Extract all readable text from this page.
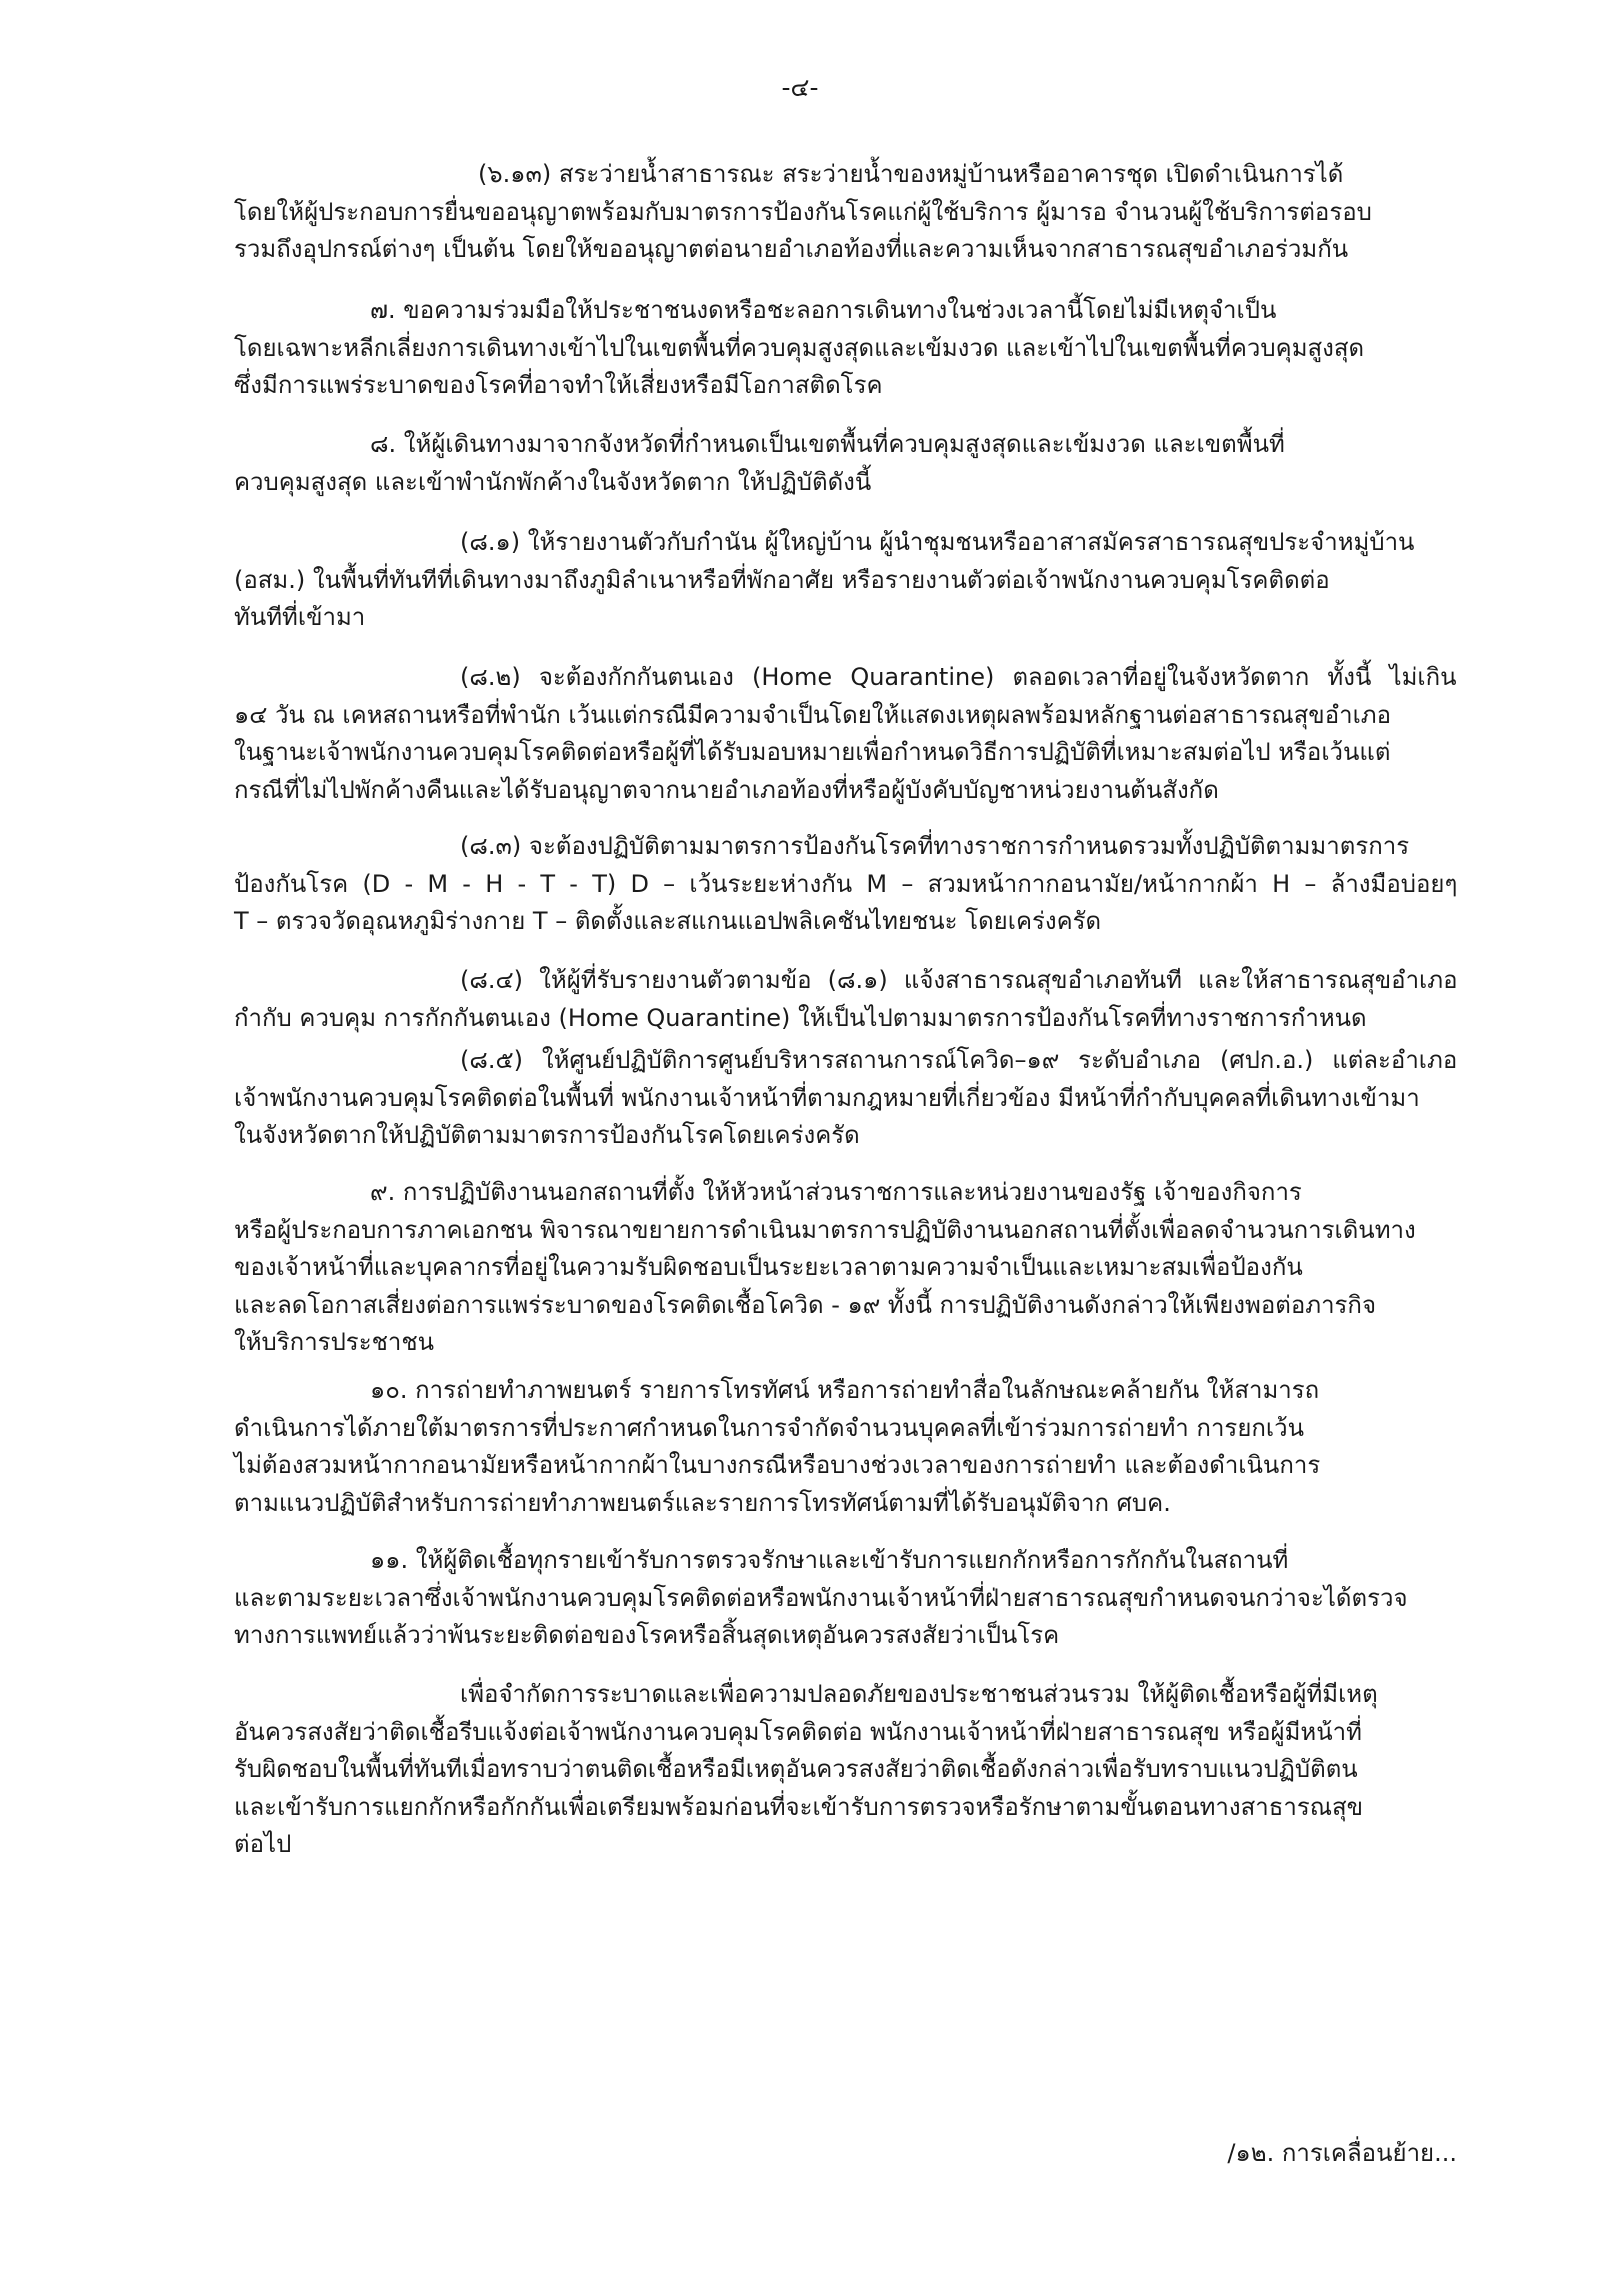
-๔-
(๖.๑๓) สระว่ายน้ำสาธารณะ สระว่ายน้ำของหมู่บ้านหรืออาคารชุด เปิดดำเนินการได้
โดยให้ผู้ประกอบการยื่นขออนุญาตพร้อมกับมาตรการป้องกันโรคแก่ผู้ใช้บริการ ผู้มารอ จำนวนผู้ใช้บริการต่อรอบ
รวมถึงอุปกรณ์ต่างๆ เป็นต้น โดยให้ขออนุญาตต่อนายอำเภอท้องที่และความเห็นจากสาธารณสุขอำเภอร่วมกัน
๗. ขอความร่วมมือให้ประชาชนงดหรือชะลอการเดินทางในช่วงเวลานี้โดยไม่มีเหตุจำเป็น
โดยเฉพาะหลีกเลี่ยงการเดินทางเข้าไปในเขตพื้นที่ควบคุมสูงสุดและเข้มงวด และเข้าไปในเขตพื้นที่ควบคุมสูงสุด
ซึ่งมีการแพร่ระบาดของโรคที่อาจทำให้เสี่ยงหรือมีโอกาสติดโรค
๘. ให้ผู้เดินทางมาจากจังหวัดที่กำหนดเป็นเขตพื้นที่ควบคุมสูงสุดและเข้มงวด และเขตพื้นที่
ควบคุมสูงสุด และเข้าพำนักพักค้างในจังหวัดตาก ให้ปฏิบัติดังนี้
(๘.๑) ให้รายงานตัวกับกำนัน ผู้ใหญ่บ้าน ผู้นำชุมชนหรืออาสาสมัครสาธารณสุขประจำหมู่บ้าน
(อสม.) ในพื้นที่ทันทีที่เดินทางมาถึงภูมิลำเนาหรือที่พักอาศัย หรือรายงานตัวต่อเจ้าพนักงานควบคุมโรคติดต่อ
ทันทีที่เข้ามา
(๘.๒) จะต้องกักกันตนเอง (Home Quarantine) ตลอดเวลาที่อยู่ในจังหวัดตาก ทั้งนี้ ไม่เกิน
๑๔ วัน ณ เคหสถานหรือที่พำนัก เว้นแต่กรณีมีความจำเป็นโดยให้แสดงเหตุผลพร้อมหลักฐานต่อสาธารณสุขอำเภอ
ในฐานะเจ้าพนักงานควบคุมโรคติดต่อหรือผู้ที่ได้รับมอบหมายเพื่อกำหนดวิธีการปฏิบัติที่เหมาะสมต่อไป หรือเว้นแต่
กรณีที่ไม่ไปพักค้างคืนและได้รับอนุญาตจากนายอำเภอท้องที่หรือผู้บังคับบัญชาหน่วยงานต้นสังกัด
(๘.๓) จะต้องปฏิบัติตามมาตรการป้องกันโรคที่ทางราชการกำหนดรวมทั้งปฏิบัติตามมาตรการ
ป้องกันโรค (D - M - H - T - T) D – เว้นระยะห่างกัน M – สวมหน้ากากอนามัย/หน้ากากผ้า H – ล้างมือบ่อยๆ
T – ตรวจวัดอุณหภูมิร่างกาย T – ติดตั้งและสแกนแอปพลิเคชันไทยชนะ โดยเคร่งครัด
(๘.๔) ให้ผู้ที่รับรายงานตัวตามข้อ (๘.๑) แจ้งสาธารณสุขอำเภอทันที และให้สาธารณสุขอำเภอ
กำกับ ควบคุม การกักกันตนเอง (Home Quarantine) ให้เป็นไปตามมาตรการป้องกันโรคที่ทางราชการกำหนด
(๘.๕) ให้ศูนย์ปฏิบัติการศูนย์บริหารสถานการณ์โควิด–๑๙ ระดับอำเภอ (ศปก.อ.) แต่ละอำเภอ
เจ้าพนักงานควบคุมโรคติดต่อในพื้นที่ พนักงานเจ้าหน้าที่ตามกฎหมายที่เกี่ยวข้อง มีหน้าที่กำกับบุคคลที่เดินทางเข้ามา
ในจังหวัดตากให้ปฏิบัติตามมาตรการป้องกันโรคโดยเคร่งครัด
๙. การปฏิบัติงานนอกสถานที่ตั้ง ให้หัวหน้าส่วนราชการและหน่วยงานของรัฐ เจ้าของกิจการ
หรือผู้ประกอบการภาคเอกชน พิจารณาขยายการดำเนินมาตรการปฏิบัติงานนอกสถานที่ตั้งเพื่อลดจำนวนการเดินทาง
ของเจ้าหน้าที่และบุคลากรที่อยู่ในความรับผิดชอบเป็นระยะเวลาตามความจำเป็นและเหมาะสมเพื่อป้องกัน
และลดโอกาสเสี่ยงต่อการแพร่ระบาดของโรคติดเชื้อโควิด - ๑๙ ทั้งนี้ การปฏิบัติงานดังกล่าวให้เพียงพอต่อภารกิจ
ให้บริการประชาชน
๑๐. การถ่ายทำภาพยนตร์ รายการโทรทัศน์ หรือการถ่ายทำสื่อในลักษณะคล้ายกัน ให้สามารถ
ดำเนินการได้ภายใต้มาตรการที่ประกาศกำหนดในการจำกัดจำนวนบุคคลที่เข้าร่วมการถ่ายทำ การยกเว้น
ไม่ต้องสวมหน้ากากอนามัยหรือหน้ากากผ้าในบางกรณีหรือบางช่วงเวลาของการถ่ายทำ และต้องดำเนินการ
ตามแนวปฏิบัติสำหรับการถ่ายทำภาพยนตร์และรายการโทรทัศน์ตามที่ได้รับอนุมัติจาก ศบค.
๑๑. ให้ผู้ติดเชื้อทุกรายเข้ารับการตรวจรักษาและเข้ารับการแยกกักหรือการกักกันในสถานที่
และตามระยะเวลาซึ่งเจ้าพนักงานควบคุมโรคติดต่อหรือพนักงานเจ้าหน้าที่ฝ่ายสาธารณสุขกำหนดจนกว่าจะได้ตรวจ
ทางการแพทย์แล้วว่าพ้นระยะติดต่อของโรคหรือสิ้นสุดเหตุอันควรสงสัยว่าเป็นโรค
เพื่อจำกัดการระบาดและเพื่อความปลอดภัยของประชาชนส่วนรวม ให้ผู้ติดเชื้อหรือผู้ที่มีเหตุ
อันควรสงสัยว่าติดเชื้อรีบแจ้งต่อเจ้าพนักงานควบคุมโรคติดต่อ พนักงานเจ้าหน้าที่ฝ่ายสาธารณสุข หรือผู้มีหน้าที่
รับผิดชอบในพื้นที่ทันทีเมื่อทราบว่าตนติดเชื้อหรือมีเหตุอันควรสงสัยว่าติดเชื้อดังกล่าวเพื่อรับทราบแนวปฏิบัติตน
และเข้ารับการแยกกักหรือกักกันเพื่อเตรียมพร้อมก่อนที่จะเข้ารับการตรวจหรือรักษาตามขั้นตอนทางสาธารณสุข
ต่อไป
/๑๒. การเคลื่อนย้าย...
